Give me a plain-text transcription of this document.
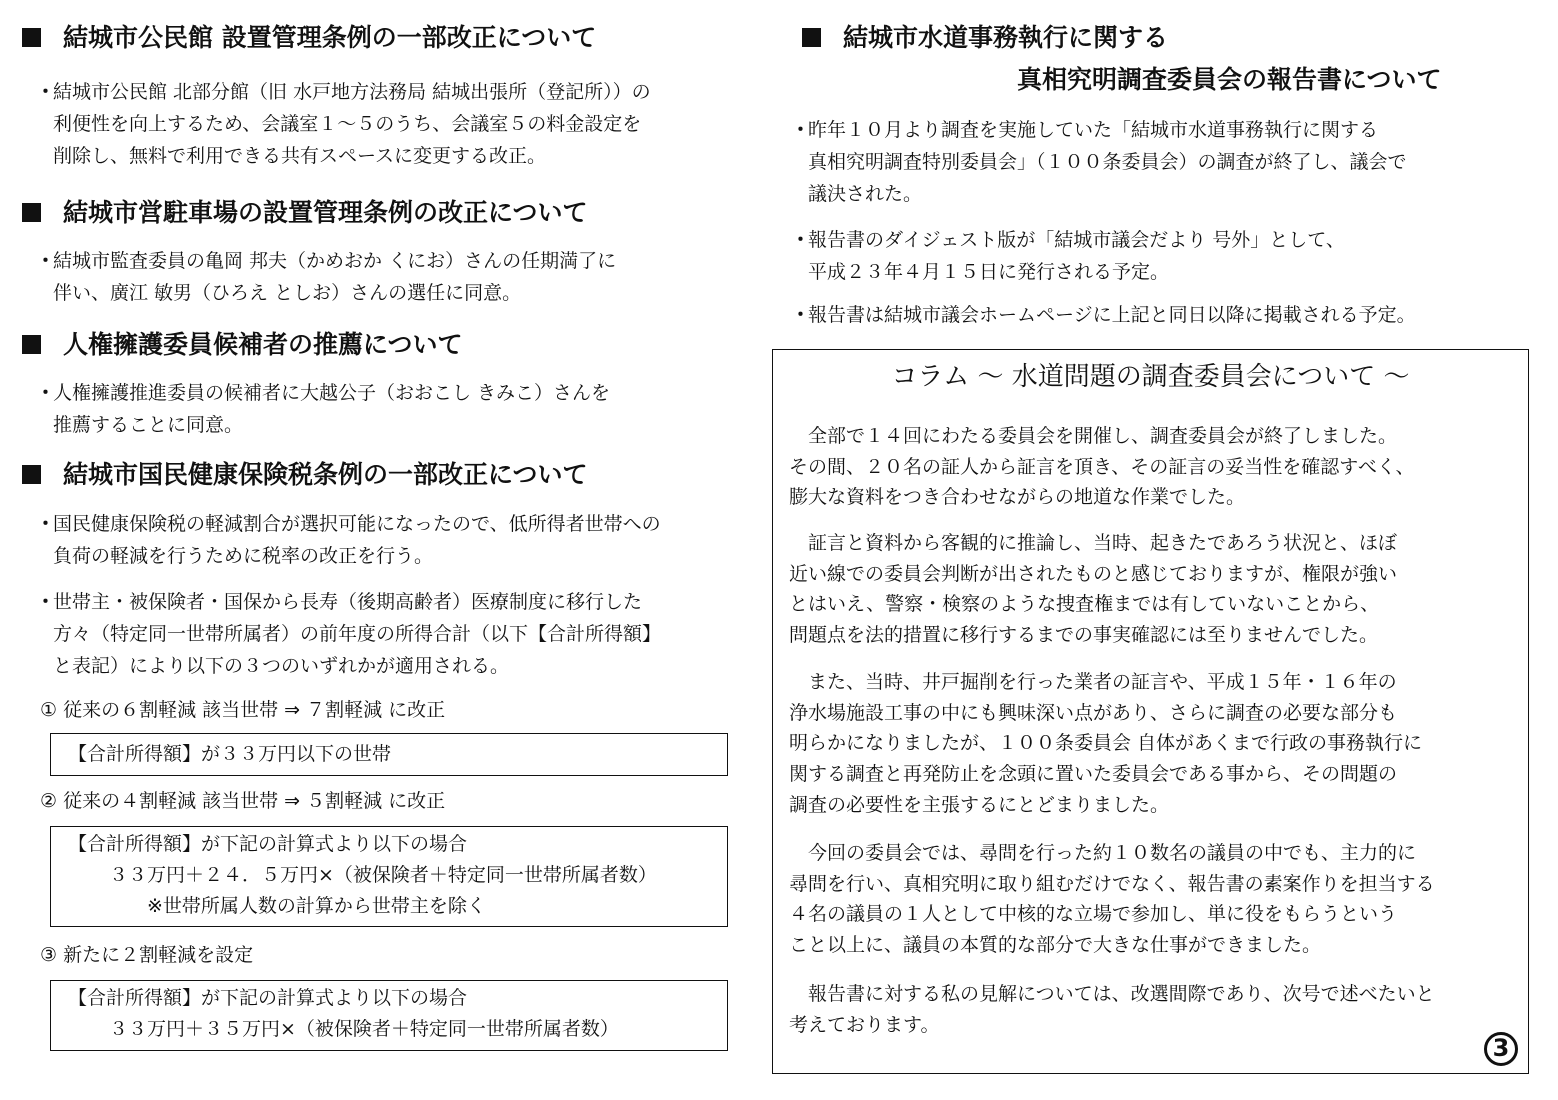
結城市公民館 設置管理条例の一部改正について
・
結城市公民館 北部分館（旧 水戸地方法務局 結城出張所（登記所））の
利便性を向上するため、会議室１～５のうち、会議室５の料金設定を
削除し、無料で利用できる共有スペースに変更する改正。
結城市営駐車場の設置管理条例の改正について
・
結城市監査委員の亀岡 邦夫（かめおか くにお）さんの任期満了に
伴い、廣江 敏男（ひろえ としお）さんの選任に同意。
人権擁護委員候補者の推薦について
・
人権擁護推進委員の候補者に大越公子（おおこし きみこ）さんを
推薦することに同意。
結城市国民健康保険税条例の一部改正について
・
国民健康保険税の軽減割合が選択可能になったので、低所得者世帯への
負荷の軽減を行うために税率の改正を行う。
・
世帯主・被保険者・国保から長寿（後期高齢者）医療制度に移行した
方々（特定同一世帯所属者）の前年度の所得合計（以下【合計所得額】
と表記）により以下の３つのいずれかが適用される。
① 従来の６割軽減 該当世帯 ⇒ ７割軽減 に改正
【合計所得額】が３３万円以下の世帯
② 従来の４割軽減 該当世帯 ⇒ ５割軽減 に改正
【合計所得額】が下記の計算式より以下の場合
３３万円＋２４．５万円×（被保険者＋特定同一世帯所属者数）
※世帯所属人数の計算から世帯主を除く
③ 新たに２割軽減を設定
【合計所得額】が下記の計算式より以下の場合
３３万円＋３５万円×（被保険者＋特定同一世帯所属者数）
結城市水道事務執行に関する
真相究明調査委員会の報告書について
・
昨年１０月より調査を実施していた「結城市水道事務執行に関する
真相究明調査特別委員会」（１００条委員会）の調査が終了し、議会で
議決された。
・
報告書のダイジェスト版が「結城市議会だより 号外」として、
平成２３年４月１５日に発行される予定。
・
報告書は結城市議会ホームページに上記と同日以降に掲載される予定。
コラム ～ 水道問題の調査委員会について ～
　全部で１４回にわたる委員会を開催し、調査委員会が終了しました。
その間、２０名の証人から証言を頂き、その証言の妥当性を確認すべく、
膨大な資料をつき合わせながらの地道な作業でした。
　証言と資料から客観的に推論し、当時、起きたであろう状況と、ほぼ
近い線での委員会判断が出されたものと感じておりますが、権限が強い
とはいえ、警察・検察のような捜査権までは有していないことから、
問題点を法的措置に移行するまでの事実確認には至りませんでした。
　また、当時、井戸掘削を行った業者の証言や、平成１５年・１６年の
浄水場施設工事の中にも興味深い点があり、さらに調査の必要な部分も
明らかになりましたが、１００条委員会 自体があくまで行政の事務執行に
関する調査と再発防止を念頭に置いた委員会である事から、その問題の
調査の必要性を主張するにとどまりました。
　今回の委員会では、尋問を行った約１０数名の議員の中でも、主力的に
尋問を行い、真相究明に取り組むだけでなく、報告書の素案作りを担当する
４名の議員の１人として中核的な立場で参加し、単に役をもらうという
こと以上に、議員の本質的な部分で大きな仕事ができました。
　報告書に対する私の見解については、改選間際であり、次号で述べたいと
考えております。
3
